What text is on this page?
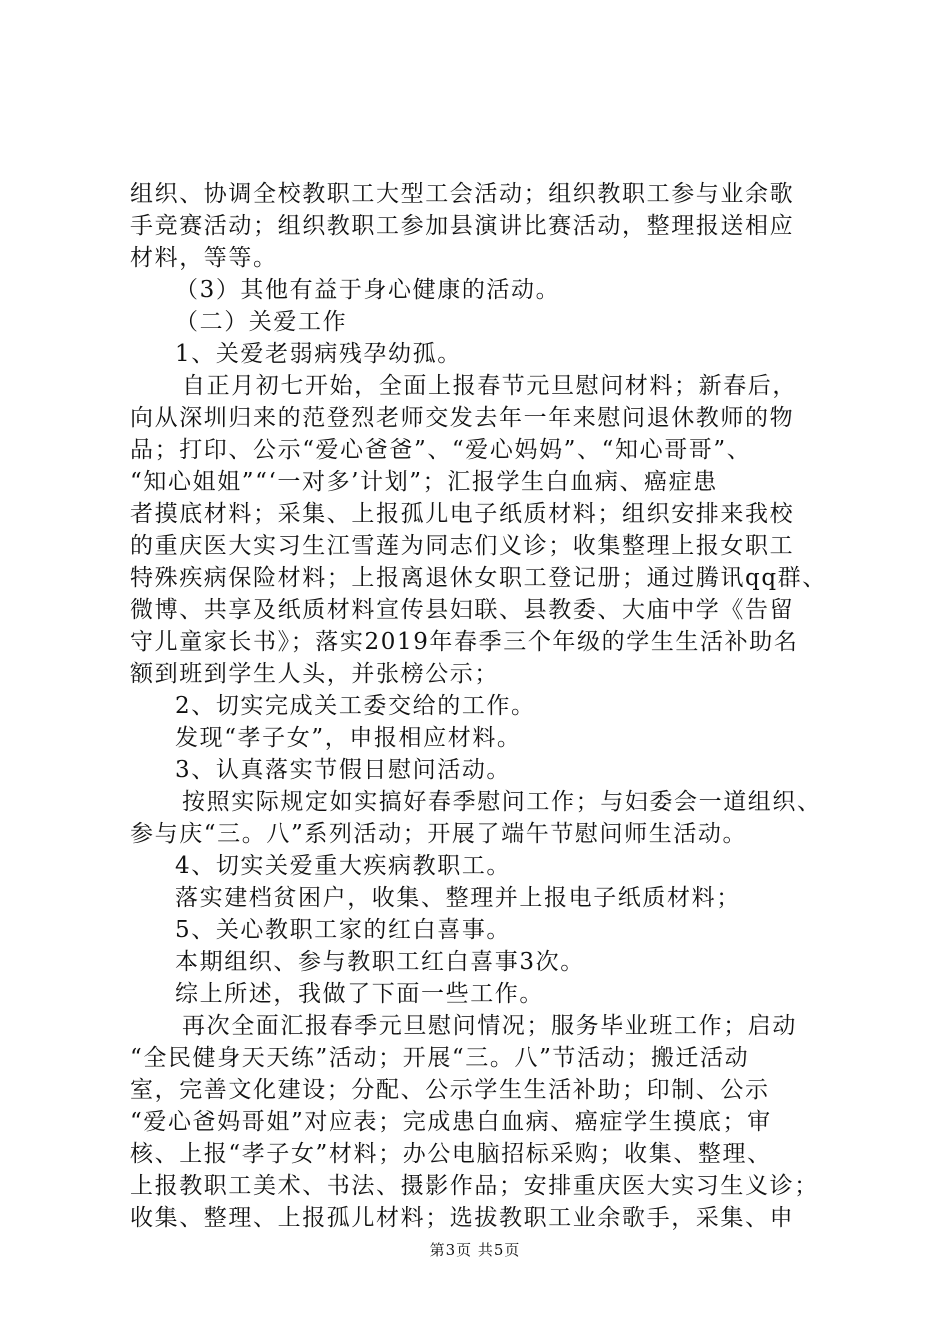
组织、协调全校教职工大型工会活动；组织教职工参与业余歌
手竞赛活动；组织教职工参加县演讲比赛活动，整理报送相应
材料，等等。
（3）其他有益于身心健康的活动。
（二）关爱工作
1、关爱老弱病残孕幼孤。
自正月初七开始，全面上报春节元旦慰问材料；新春后，
向从深圳归来的范登烈老师交发去年一年来慰问退休教师的物
品；打印、公示“爱心爸爸”、“爱心妈妈”、“知心哥哥”、
“知心姐姐”“‘一对多’计划”；汇报学生白血病、癌症患
者摸底材料；采集、上报孤儿电子纸质材料；组织安排来我校
的重庆医大实习生江雪莲为同志们义诊；收集整理上报女职工
特殊疾病保险材料；上报离退休女职工登记册；通过腾讯qq群、
微博、共享及纸质材料宣传县妇联、县教委、大庙中学《告留
守儿童家长书》；落实2019年春季三个年级的学生生活补助名
额到班到学生人头，并张榜公示；
2、切实完成关工委交给的工作。
发现“孝子女”，申报相应材料。
3、认真落实节假日慰问活动。
按照实际规定如实搞好春季慰问工作；与妇委会一道组织、
参与庆“三。八”系列活动；开展了端午节慰问师生活动。
4、切实关爱重大疾病教职工。
落实建档贫困户，收集、整理并上报电子纸质材料；
5、关心教职工家的红白喜事。
本期组织、参与教职工红白喜事3次。
综上所述，我做了下面一些工作。
再次全面汇报春季元旦慰问情况；服务毕业班工作；启动
“全民健身天天练”活动；开展“三。八”节活动；搬迁活动
室，完善文化建设；分配、公示学生生活补助；印制、公示
“爱心爸妈哥姐”对应表；完成患白血病、癌症学生摸底；审
核、上报“孝子女”材料；办公电脑招标采购；收集、整理、
上报教职工美术、书法、摄影作品；安排重庆医大实习生义诊；
收集、整理、上报孤儿材料；选拔教职工业余歌手，采集、申
第3页 共5页
